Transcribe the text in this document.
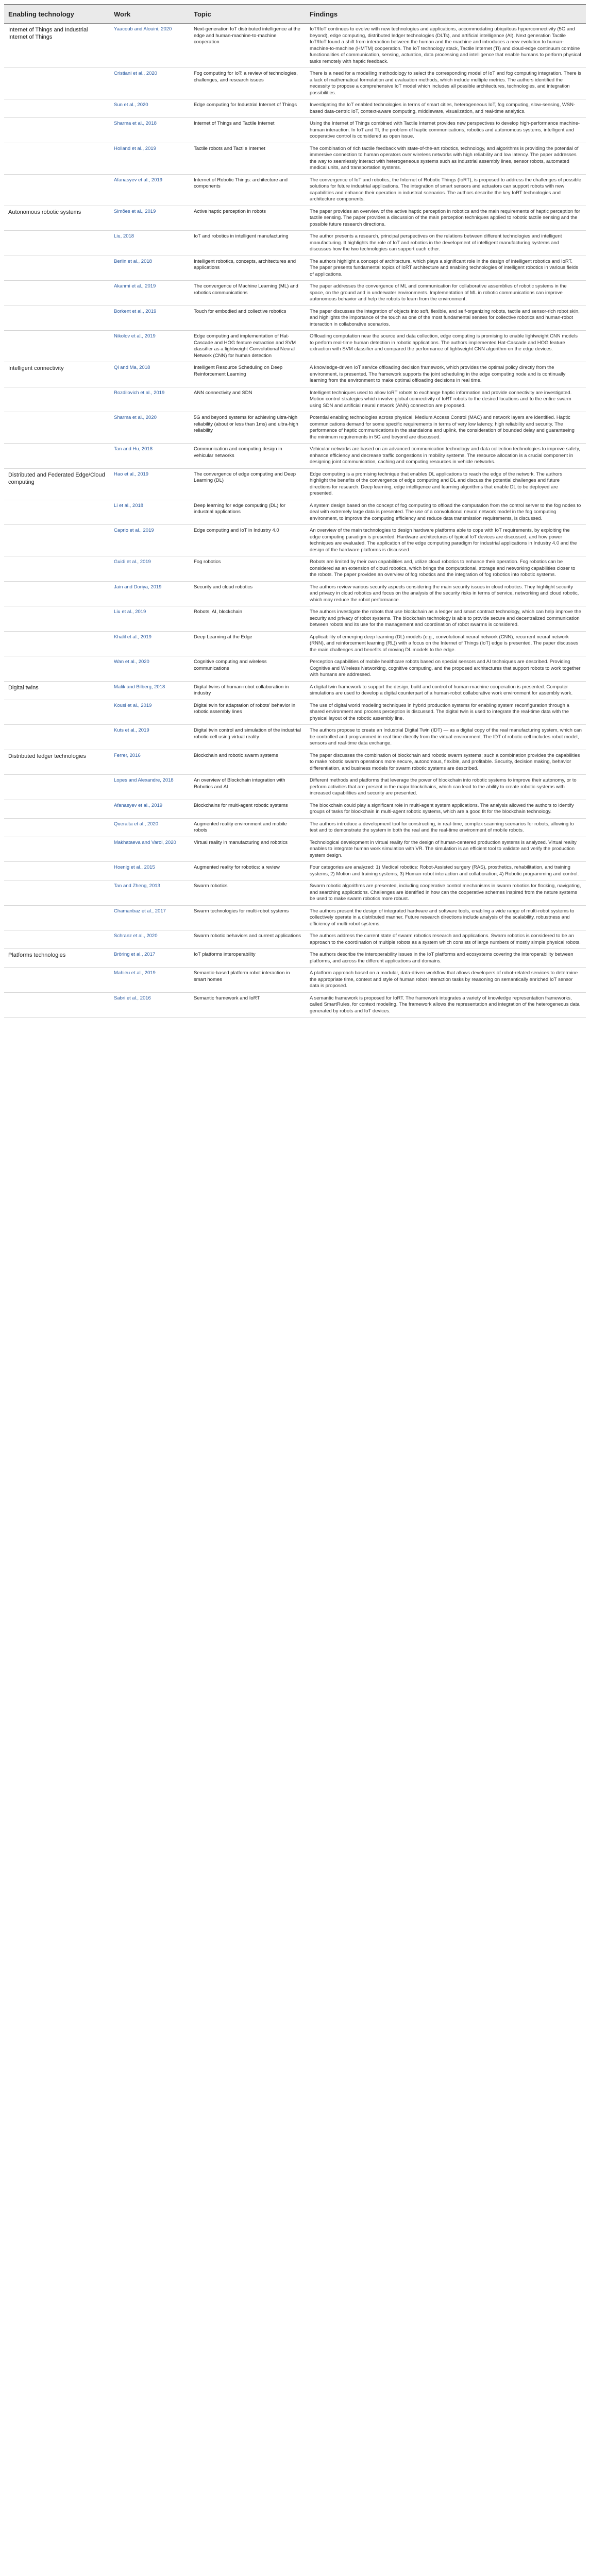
Enabling technology	Work	Topic	Findings
Internet of Things and Industrial Internet of Things	Yaacoub and Alouini, 2020	Next-generation IoT distributed intelligence at the edge and human-machine-to-machine cooperation	IoT/IIoT continues to evolve with new technologies and applications, accommodating ubiquitous hyperconnectivity (5G and beyond), edge computing, distributed ledger technologies (DLTs), and artificial intelligence (AI). Next generation Tactile IoT/IIoT found a shift from interaction between the human and the machine and introduces a new evolution to human-machine-to-machine (HMTM) cooperation. The IoT technology stack, Tactile Internet (TI) and cloud-edge continuum combine functionalities of communication, sensing, actuation, data processing and intelligence that enable humans to perform physical tasks remotely with haptic feedback.
	Cristiani et al., 2020	Fog computing for IoT: a review of technologies, challenges, and research issues	There is a need for a modelling methodology to select the corresponding model of IoT and fog computing integration. There is a lack of mathematical formulation and evaluation methods, which include multiple metrics. The authors identified the necessity to propose a comprehensive IoT model which includes all possible architectures, technologies, and integration possibilities.
	Sun et al., 2020	Edge computing for Industrial Internet of Things	Investigating the IoT enabled technologies in terms of smart cities, heterogeneous IoT, fog computing, slow-sensing, WSN-based data-centric IoT, context-aware computing, middleware, visualization, and real-time analytics.
	Sharma et al., 2018	Internet of Things and Tactile Internet	Using the Internet of Things combined with Tactile Internet provides new perspectives to develop high-performance machine-human interaction. In IoT and TI, the problem of haptic communications, robotics and autonomous systems, intelligent and cooperative control is considered as open issue.
	Holland et al., 2019	Tactile robots and Tactile Internet	The combination of rich tactile feedback with state-of-the-art robotics, technology, and algorithms is providing the potential of immersive connection to human operators over wireless networks with high reliability and low latency. The paper addresses the way to seamlessly interact with heterogeneous systems such as industrial assembly lines, sensor robots, automated medical units, and transportation systems.
	Afanasyev et al., 2019	Internet of Robotic Things: architecture and components	The convergence of IoT and robotics, the Internet of Robotic Things (IoRT), is proposed to address the challenges of possible solutions for future industrial applications. The integration of smart sensors and actuators can support robots with new capabilities and enhance their operation in industrial scenarios. The authors describe the key IoRT technologies and architecture components.
Autonomous robotic systems	Simões et al., 2019	Active haptic perception in robots	The paper provides an overview of the active haptic perception in robotics and the main requirements of haptic perception for tactile sensing. The paper provides a discussion of the main perception techniques applied to robotic tactile sensing and the possible future research directions.
	Liu, 2018	IoT and robotics in intelligent manufacturing	The author presents a research, principal perspectives on the relations between different technologies and intelligent manufacturing. It highlights the role of IoT and robotics in the development of intelligent manufacturing systems and discusses how the two technologies can support each other.
	Berlin et al., 2018	Intelligent robotics, concepts, architectures and applications	The authors highlight a concept of architecture, which plays a significant role in the design of intelligent robotics and IoRT. The paper presents fundamental topics of IoRT architecture and enabling technologies of intelligent robotics in various fields of applications.
	Akanmi et al., 2019	The convergence of Machine Learning (ML) and robotics communications	The paper addresses the convergence of ML and communication for collaborative assemblies of robotic systems in the space, on the ground and in underwater environments. Implementation of ML in robotic communications can improve autonomous behavior and help the robots to learn from the environment.
	Borkent et al., 2019	Touch for embodied and collective robotics	The paper discusses the integration of objects into soft, flexible, and self-organizing robots, tactile and sensor-rich robot skin, and highlights the importance of the touch as one of the most fundamental senses for collective robotics and human-robot interaction in collaborative scenarios.
	Nikolov et al., 2019	Edge computing and implementation of Hat-Cascade and HOG feature extraction and SVM classifier as a lightweight Convolutional Neural Network (CNN) for human detection	Offloading computation near the source and data collection, edge computing is promising to enable lightweight CNN models to perform real-time human detection in robotic applications. The authors implemented Hat-Cascade and HOG feature extraction with SVM classifier and compared the performance of lightweight CNN algorithm on the edge devices.
Intelligent connectivity	Qi and Ma, 2018	Intelligent Resource Scheduling on Deep Reinforcement Learning	A knowledge-driven IoT service offloading decision framework, which provides the optimal policy directly from the environment, is presented. The framework supports the joint scheduling in the edge computing node and is continually learning from the environment to make optimal offloading decisions in real time.
	Rozdilovich et al., 2019	ANN connectivity and SDN	Intelligent techniques used to allow IoRT robots to exchange haptic information and provide connectivity are investigated. Motion control strategies which involve global connectivity of IoRT robots to the desired locations and to the entire swarm using SDN and artificial neural network (ANN) connection are proposed.
	Sharma et al., 2020	5G and beyond systems for achieving ultra-high reliability (about or less than 1ms) and ultra-high reliability	Potential enabling technologies across physical, Medium Access Control (MAC) and network layers are identified. Haptic communications demand for some specific requirements in terms of very low latency, high reliability and security. The performance of haptic communications in the standalone and uplink, the consideration of bounded delay and guaranteeing the minimum requirements in 5G and beyond are discussed.
	Tan and Hu, 2018	Communication and computing design in vehicular networks	Vehicular networks are based on an advanced communication technology and data collection technologies to improve safety, enhance efficiency and decrease traffic congestions in mobility systems. The resource allocation is a crucial component in designing joint communication, caching and computing resources in vehicle networks.
Distributed and Federated Edge/Cloud computing	Hao et al., 2019	The convergence of edge computing and Deep Learning (DL)	Edge computing is a promising technique that enables DL applications to reach the edge of the network. The authors highlight the benefits of the convergence of edge computing and DL and discuss the potential challenges and future directions for research. Deep learning, edge intelligence and learning algorithms that enable DL to be deployed are presented.
	Li et al., 2018	Deep learning for edge computing (DL) for industrial applications	A system design based on the concept of fog computing to offload the computation from the control server to the fog nodes to deal with extremely large data is presented. The use of a convolutional neural network model in the fog computing environment, to improve the computing efficiency and reduce data transmission requirements, is discussed.
	Caprio et al., 2019	Edge computing and IoT in Industry 4.0	An overview of the main technologies to design hardware platforms able to cope with IoT requirements, by exploiting the edge computing paradigm is presented. Hardware architectures of typical IoT devices are discussed, and how power techniques are evaluated. The application of the edge computing paradigm for industrial applications in Industry 4.0 and the design of the hardware platforms is discussed.
	Guidi et al., 2019	Fog robotics	Robots are limited by their own capabilities and, utilize cloud robotics to enhance their operation. Fog robotics can be considered as an extension of cloud robotics, which brings the computational, storage and networking capabilities closer to the robots. The paper provides an overview of fog robotics and the integration of fog robotics into robotic systems.
	Jain and Doriya, 2019	Security and cloud robotics	The authors review various security aspects considering the main security issues in cloud robotics. They highlight security and privacy in cloud robotics and focus on the analysis of the security risks in terms of service, networking and cloud robotic, which may reduce the robot performance.
	Liu et al., 2019	Robots, AI, blockchain	The authors investigate the robots that use blockchain as a ledger and smart contract technology, which can help improve the security and privacy of robot systems. The blockchain technology is able to provide secure and decentralized communication between robots and its use for the management and coordination of robot swarms is considered.
	Khalil et al., 2019	Deep Learning at the Edge	Applicability of emerging deep learning (DL) models (e.g., convolutional neural network (CNN), recurrent neural network (RNN), and reinforcement learning (RL)) with a focus on the Internet of Things (IoT) edge is presented. The paper discusses the main challenges and benefits of moving DL models to the edge.
	Wan et al., 2020	Cognitive computing and wireless communications	Perception capabilities of mobile healthcare robots based on special sensors and AI techniques are described. Providing Cognitive and Wireless Networking, cognitive computing, and the proposed architectures that support robots to work together with humans are addressed.
Digital twins	Malik and Bilberg, 2018	Digital twins of human-robot collaboration in industry	A digital twin framework to support the design, build and control of human-machine cooperation is presented. Computer simulations are used to develop a digital counterpart of a human-robot collaborative work environment for assembly work.
	Kousi et al., 2019	Digital twin for adaptation of robots' behavior in robotic assembly lines	The use of digital world modeling techniques in hybrid production systems for enabling system reconfiguration through a shared environment and process perception is discussed. The digital twin is used to integrate the real-time data with the physical layout of the robotic assembly line.
	Kuts et al., 2019	Digital twin control and simulation of the industrial robotic cell using virtual reality	The authors propose to create an Industrial Digital Twin (IDT) — as a digital copy of the real manufacturing system, which can be controlled and programmed in real time directly from the virtual environment. The IDT of robotic cell includes robot model, sensors and real-time data exchange.
Distributed ledger technologies	Ferrer, 2016	Blockchain and robotic swarm systems	The paper discusses the combination of blockchain and robotic swarm systems; such a combination provides the capabilities to make robotic swarm operations more secure, autonomous, flexible, and profitable. Security, decision making, behavior differentiation, and business models for swarm robotic systems are described.
	Lopes and Alexandre, 2018	An overview of Blockchain integration with Robotics and AI	Different methods and platforms that leverage the power of blockchain into robotic systems to improve their autonomy, or to perform activities that are present in the major blockchains, which can lead to the ability to create robotic systems with increased capabilities and security are presented.
	Afanasyev et al., 2019	Blockchains for multi-agent robotic systems	The blockchain could play a significant role in multi-agent system applications. The analysis allowed the authors to identify groups of tasks for blockchain in multi-agent robotic systems, which are a good fit for the blockchain technology.
	Queralta et al., 2020	Augmented reality environment and mobile robots	The authors introduce a development tool for constructing, in real-time, complex scanning scenarios for robots, allowing to test and to demonstrate the system in both the real and the real-time environment of mobile robots.
	Makhataeva and Varol, 2020	Virtual reality in manufacturing and robotics	Technological development in virtual reality for the design of human-centered production systems is analyzed. Virtual reality enables to integrate human work simulation with VR. The simulation is an efficient tool to validate and verify the production system design.
	Hoenig et al., 2015	Augmented reality for robotics: a review	Four categories are analyzed: 1) Medical robotics: Robot-Assisted surgery (RAS), prosthetics, rehabilitation, and training systems; 2) Motion and training systems; 3) Human-robot interaction and collaboration; 4) Robotic programming and control.
	Tan and Zheng, 2013	Swarm robotics	Swarm robotic algorithms are presented, including cooperative control mechanisms in swarm robotics for flocking, navigating, and searching applications. Challenges are identified in how can the cooperative schemes inspired from the nature systems be used to make swarm robotics more robust.
	Chamanbaz et al., 2017	Swarm technologies for multi-robot systems	The authors present the design of integrated hardware and software tools, enabling a wide range of multi-robot systems to collectively operate in a distributed manner. Future research directions include analysis of the scalability, robustness and efficiency of multi-robot systems.
	Schranz et al., 2020	Swarm robotic behaviors and current applications	The authors address the current state of swarm robotics research and applications. Swarm robotics is considered to be an approach to the coordination of multiple robots as a system which consists of large numbers of mostly simple physical robots.
Platforms technologies	Bröring et al., 2017	IoT platforms interoperability	The authors describe the interoperability issues in the IoT platforms and ecosystems covering the interoperability between platforms, and across the different applications and domains.
	Mahieu et al., 2019	Semantic-based platform robot interaction in smart homes	A platform approach based on a modular, data-driven workflow that allows developers of robot-related services to determine the appropriate time, context and style of human robot interaction tasks by reasoning on semantically enriched IoT sensor data is proposed.
	Sabri et al., 2016	Semantic framework and IoRT	A semantic framework is proposed for IoRT. The framework integrates a variety of knowledge representation frameworks, called SmartRules, for context modeling. The framework allows the representation and integration of the heterogeneous data generated by robots and IoT devices.
